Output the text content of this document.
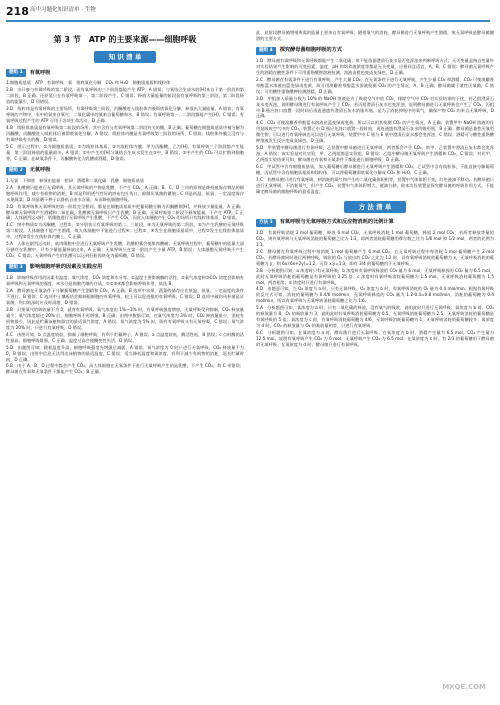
218 高中习题化知识清单 · 生物
第 3 节　ATP 的主要来源——细胞呼吸
知 识 清 单
题组 1	有氧呼吸

1.细胞质基质　ATP　有氧呼吸　氧　彻底氧化分解　CO₂ 和 H₂O　细胞质基质和线粒体

2.B　水只参与有氧呼吸的第二阶段，而有氧呼吸的三个阶段都能产生 ATP，A 错误；与氧结合生成水的[H]来自于第一阶段和第二阶段，B 正确；还原氢只在有氧呼吸第一、第二阶段产生，C 错误；释放大量能量的阶段是有氧呼吸的第三阶段，第二阶段释放的能量少，D 项错误。

3.D　线粒体是有氧呼吸的主要场所，有氧呼吸第三阶段，丙酮酸进入线粒体内被彻底氧化分解，释放出大量能量，A 错误；有氧呼吸的产物中，水中的氧来自氧气，二氧化碳中的氧来自葡萄糖和水，B 错误；有氧呼吸第一、二阶段都能产生[H]，C 错误；有氧呼吸过程产生的 ATP 可用于各项生命活动，D 正确。

4.B　线粒体基质是有氧呼吸第二阶段的场所，其中含有与有氧呼吸第二阶段有关的酶，B 正确；葡萄糖在细胞质基质中被分解为丙酮酸，丙酮酸进入线粒体后被彻底氧化分解，A 错误；线粒体内膜是有氧呼吸第三阶段的场所，C 错误；线粒体外膜上没有与有氧呼吸有关的酶，D 错误。

5.C　图示过程中，①为细胞质基质，②为线粒体基质，③为线粒体内膜；甲为丙酮酸，乙为[H]。有氧呼吸三个阶段都产生能量，第三阶段释放的能量最多，A 错误；①中产生的[H]与氧结合生成水发生在③中，B 错误；②中产生的 CO₂ 可以扩散到细胞外，C 正确；在缺氧条件下，丙酮酸转化为乳酸或酒精，D 错误。

题组 2	无氧呼吸

1.无氧　不彻底　释放出能量　相同　酒精和二氧化碳　乳酸　细胞质基质

2.A　乳酸菌只能进行无氧呼吸，其无氧呼吸的产物是乳酸，不产生 CO₂，A 正确；B、C、D 三项的原理是降低被保存物品的细胞呼吸作用，减少有机物的消耗，B 项是利用透气性好的纱布包扎伤口，抑制厌氧菌的繁殖；C 项是低温、低氧、一定湿度保存水果蔬菜；D 项是晒干种子以降低自由水含量，从而降低细胞呼吸。

3.D　有氧呼吸和无氧呼吸的第一阶段完全相同，都是在细胞质基质中把葡萄糖分解为丙酮酸和[H]，并释放少量能量，A 正确；酵母菌无氧呼吸产生酒精和二氧化碳，乳酸菌无氧呼吸只产生乳酸，B 正确；无氧呼吸第二阶段不释放能量，不产生 ATP，C 正确；人体剧烈运动时，肌细胞进行无氧呼吸产生乳酸，不产生 CO₂，因此人体细胞产生 CO₂ 的场所只有线粒体基质，D 错误。

4.C　图中物质①为丙酮酸，过程②、③分别表示有氧呼吸的第二、三阶段，④为无氧呼吸的第二阶段，⑤为产生乳酸的无氧呼吸第二阶段。人体细胞不能产生酒精，故人体细胞中不能进行过程④；过程①、④发生在细胞质基质中，过程②发生在线粒体基质中，过程③发生在线粒体内膜上，C 正确。

5.A　人体在剧烈运动时，肌肉细胞中会进行无氧呼吸产生乳酸，乳酸积累会使肌肉酸痛；无氧呼吸过程中，葡萄糖中的能量大部分储存在乳酸中，只有少量能量释放出来，A 正确；无氧呼吸只在第一阶段产生少量 ATP，B 错误；人体细胞无氧呼吸不产生 CO₂，C 错误；无氧呼吸产生的乳酸可以运到肝脏再转化为葡萄糖，D 错误。

题组 3	影响细胞呼吸的因素及实践应用

1.B　影响呼吸作用的因素有温度、氧气浓度、CO₂ 浓度和水分等。①温度主要影响酶的活性，②氧气浓度和③CO₂ 浓度会影响有氧呼吸和无氧呼吸的强度，④水分是细胞代谢的介质，①②③④都会影响呼吸作用，故选 B。

2.A　酵母菌在无氧条件下分解葡萄糖产生酒精和 CO₂，A 正确；B 选项中水果、蔬菜的储存应在低温、低氧、一定湿度的条件下进行，B 错误；C 选项中土壤板结会抑制根细胞的有氧呼吸，松土可以促进根的有氧呼吸，C 错误；D 选项中破伤风杆菌是厌氧菌，伤口较深时应及时清理，D 错误。

3.B　只要氧气的吸收量不为 0，就有有氧呼吸。氧气浓度由 1%～3% 时，有氧呼吸强度增加，无氧呼吸受到抑制，CO₂ 释放量减少；氧气浓度超过 20% 后，细胞呼吸不再增强，B 正确；由图中数据可知，在氧气浓度为 3% 时，CO₂ 释放量最少，消耗有机物最少，因此是贮藏该植物器官的最适氧气浓度，A 错误；氧气浓度为 5% 时，既有有氧呼吸又有无氧呼吸，C 错误；氧气浓度为 20% 时，只进行有氧呼吸，D 错误。

4.C　由图可知，b 点温度较低，抑制了细胞呼吸，有利于贮藏种子，A 错误；a 点温度较低，酶活性低，B 错误；c 点时酶的活性最高，细胞呼吸最强，C 正确；温度过高会使酶变性失活，D 错误。

5.D　由题图可知，随着温度升高，细胞呼吸强度先增强后减弱，A 错误；氧气浓度为 0 时只进行无氧呼吸，CO₂ 释放量不为 0，B 错误；由图中信息无法得出该植物的最适温度，C 错误；适当降低温度和氧浓度，有利于减少有机物的消耗，延长贮藏时间，D 正确。

6.B　由于 A、B、D 过程中都会产生 CO₂，而人体细胞在无氧条件下进行无氧呼吸产生的是乳酸，不产生 CO₂，故 C 项错误；酵母菌在有氧和无氧条件下都能产生 CO₂，B 正确。

此，此阶段酵母菌增殖所需的能量主要来自有氧呼吸；随着氧气的消耗，酵母菌进行无氧呼吸产生酒精，故无氧呼吸是酵母菌酿酒的主要方式。

题组 4	探究酵母菌细胞呼吸的方式

1.D　酵母菌有氧呼吸和无氧呼吸都能产生二氧化碳，故不能依据澄清石灰水是否变浑浊来判断呼吸方式；无关变量是指自变量外对实验结果产生影响的可变因素，温度、pH 和培养液浓度等都是无关变量，应相同且适宜，A、B、C 错误；酵母菌无氧呼吸产生的酒精在酸性条件下可用重铬酸钾溶液检测，溶液由橙色变成灰绿色，D 正确。

2.C　酵母菌在有氧条件下进行有氧呼吸，产生大量 CO₂，在无氧条件下进行无氧呼吸，产生少量 CO₂ 和酒精，CO₂ 可使溴麝香草酚蓝水溶液由蓝变绿再变黄，故可用溴麝香草酚蓝水溶液检测 CO₂ 的产生情况，A、B 正确；酵母菌属于兼性厌氧菌，C 错误；可用酸性重铬酸钾检测酒精，D 正确。

3.D　甲组加入质量分数为 10% 的 NaOH 溶液是为了吸收空气中的 CO₂，排除空气中 CO₂ 对实验结果的干扰，若乙组澄清石灰水变浑浊，说明酵母菌进行有氧呼吸产生了 CO₂，若丙组澄清石灰水也变浑浊，说明酵母菌进行无氧呼吸也产生了 CO₂，丙组中 B 瓶应封口放置一段时间后再连通盛有澄清石灰水的锥形瓶，是为了消耗掉瓶中的氧气，确保产物 CO₂ 均来自无氧呼吸，D 正确。

4.C　CO₂ 可使溴麝香草酚蓝水溶液由蓝变绿再变黄，所以可以用其检测 CO₂ 的产生情况，A 正确；装置甲中 NaOH 溶液的作用是吸收空气中的 CO₂，装置乙中 D 瓶应先封口放置一段时间，再连通盛有澄清石灰水的锥形瓶，B 正确；酵母菌是兼性厌氧型微生物，可以进行有氧呼吸也可以进行无氧呼吸，装置甲中 C 瓶与 E 瓶中澄清石灰水都会变浑浊，C 错误；酒精可与酸性重铬酸钾溶液发生反应变成灰绿色，D 正确。

5.D　甲装置中酵母菌进行有氧呼吸，乙装置中酵母菌进行无氧呼吸，两者都会产生 CO₂，故甲、乙装置中澄清石灰水都会变浑浊，A 错误；该实验是对比实验，甲、乙两组都是实验组，B 错误；乙组中酵母菌无氧呼吸产生酒精和 CO₂，C 错误；对比甲、乙两组实验结果可知，酵母菌在有氧和无氧条件下都能进行细胞呼吸，D 正确。

6.C　甲试管中含有细胞质基质，加入葡萄糖后酵母菌进行无氧呼吸产生酒精和 CO₂，乙试管中含有线粒体，不能直接分解葡萄糖，丙试管中含有细胞质基质和线粒体，可以将葡萄糖彻底氧化分解成 CO₂ 和 H₂O，C 正确。

7.C　若酵母菌只进行有氧呼吸，则消耗的氧气和产生的二氧化碳体积相等，装置中气体体积不变，红色液滴不移动；若酵母菌只进行无氧呼吸，不消耗氧气，但产生 CO₂，装置中气体体积增大，液滴右移，故本实验装置是探究酵母菌的呼吸作用方式，不能确定酵母菌的细胞呼吸的最适温度。

方 法 清 单
方法 1	有氧呼吸与无氧呼吸方式和反应物消耗的比例计算

1.D　有氧呼吸消耗 1 mol 葡萄糖，释放 6 mol CO₂，无氧呼吸消耗 1 mol 葡萄糖，释放 2 mol CO₂，若两者释放等量的 CO₂，则有氧呼吸与无氧呼吸消耗的葡萄糖之比为 1∶3，即两者消耗葡萄糖的摩尔数之比为 1/6 mol 和 1/2 mol，两者的比例为 1∶3。

2.C　酵母菌在有氧呼吸过程中每消耗 1 mol 葡萄糖产生 6 mol CO₂，在无氧呼吸过程中每消耗 1 mol 葡萄糖产生 2 mol CO₂，若酵母菌同时进行两种呼吸，吸收的 O₂ 与放出的 CO₂ 之比为 1∶2 时，设有氧呼吸消耗的葡萄糖为 x，无氧呼吸消耗的葡萄糖为 y，则 6x∶(6x+2y)=1∶2，可得 x∶y=1∶3，即有 3/4 的葡萄糖用于无氧呼吸。

3.B　分析题图可知，a 浓度时只有无氧呼吸，b 浓度时有氧呼吸释放的 CO₂ 量为 6 mol，无氧呼吸释放的 CO₂ 量为 6.5 mol，此时无氧呼吸消耗的葡萄糖是有氧呼吸的 3.25 倍；c 浓度时有氧呼吸消耗葡萄糖为 1.5 mol，无氧呼吸消耗葡萄糖为 1.5 mol，两者相等；d 浓度时只进行有氧呼吸。

4.D　由题意可知，当 O₂ 浓度为 a 时，只有无氧呼吸，O₂ 浓度为 b 时，有氧呼吸消耗的 O₂ 量为 0.4 mol/min，根据有氧呼吸的反应式可知，消耗的葡萄糖为 0.4/6 mol/min，无氧呼吸释放的 CO₂ 量为 1.2-0.4=0.8 mol/min，消耗的葡萄糖为 0.4 mol/min，所以有氧呼吸与无氧呼吸消耗葡萄糖之比为 1∶6。

5.A　分析题图可知，氧浓度为 a 时，只有二氧化碳的释放，没有氧气的吸收，说明此时只进行无氧呼吸；氧浓度为 b 时，CO₂ 的释放量为 8，O₂ 的吸收量为 3，说明此时有氧呼吸消耗葡萄糖为 0.5，无氧呼吸消耗葡萄糖为 2.5，无氧呼吸消耗的葡萄糖是有氧呼吸的 5 倍；氧浓度为 c 时，有氧呼吸消耗葡萄糖为 4/6，无氧呼吸消耗葡萄糖为 1，无氧呼吸消耗的葡萄糖较多；氧浓度为 d 时，CO₂ 的释放量与 O₂ 的吸收量相等，只进行有氧呼吸。

6.C　分析题图可知，在氧浓度为 a 时，酵母菌只进行无氧呼吸；在氧浓度为 b 时，酒精产生量为 6.5 mol，CO₂ 产生量为 12.5 mol，说明有氧呼吸产生 CO₂ 为 6 mol，无氧呼吸产生 CO₂ 为 6.5 mol；在氧浓度为 c 时，有 2/3 的葡萄糖用于酵母菌的无氧呼吸；在氧浓度为 d 时，酵母菌只进行有氧呼吸。

MXQE.COM
